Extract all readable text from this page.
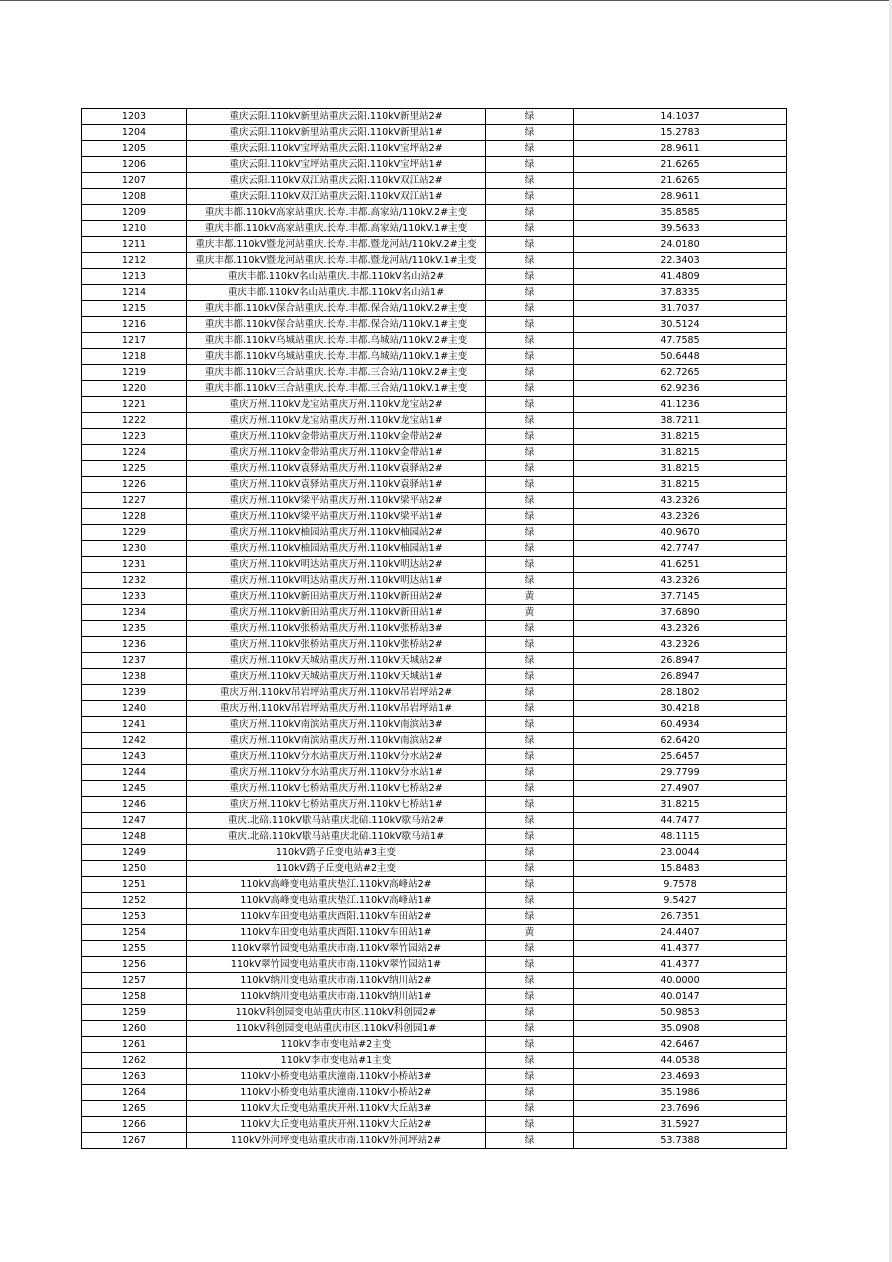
1203	重庆云阳.110kV新里站重庆云阳.110kV新里站2#	绿	14.1037
1204	重庆云阳.110kV新里站重庆云阳.110kV新里站1#	绿	15.2783
1205	重庆云阳.110kV宝坪站重庆云阳.110kV宝坪站2#	绿	28.9611
1206	重庆云阳.110kV宝坪站重庆云阳.110kV宝坪站1#	绿	21.6265
1207	重庆云阳.110kV双江站重庆云阳.110kV双江站2#	绿	21.6265
1208	重庆云阳.110kV双江站重庆云阳.110kV双江站1#	绿	28.9611
1209	重庆丰都.110kV高家站重庆.长寿.丰都.高家站/110kV.2#主变	绿	35.8585
1210	重庆丰都.110kV高家站重庆.长寿.丰都.高家站/110kV.1#主变	绿	39.5633
1211	重庆丰都.110kV暨龙河站重庆.长寿.丰都.暨龙河站/110kV.2#主变	绿	24.0180
1212	重庆丰都.110kV暨龙河站重庆.长寿.丰都.暨龙河站/110kV.1#主变	绿	22.3403
1213	重庆丰都.110kV名山站重庆.丰都.110kV名山站2#	绿	41.4809
1214	重庆丰都.110kV名山站重庆.丰都.110kV名山站1#	绿	37.8335
1215	重庆丰都.110kV保合站重庆.长寿.丰都.保合站/110kV.2#主变	绿	31.7037
1216	重庆丰都.110kV保合站重庆.长寿.丰都.保合站/110kV.1#主变	绿	30.5124
1217	重庆丰都.110kV乌城站重庆.长寿.丰都.乌城站/110kV.2#主变	绿	47.7585
1218	重庆丰都.110kV乌城站重庆.长寿.丰都.乌城站/110kV.1#主变	绿	50.6448
1219	重庆丰都.110kV三合站重庆.长寿.丰都.三合站/110kV.2#主变	绿	62.7265
1220	重庆丰都.110kV三合站重庆.长寿.丰都.三合站/110kV.1#主变	绿	62.9236
1221	重庆万州.110kV龙宝站重庆万州.110kV龙宝站2#	绿	41.1236
1222	重庆万州.110kV龙宝站重庆万州.110kV龙宝站1#	绿	38.7211
1223	重庆万州.110kV金带站重庆万州.110kV金带站2#	绿	31.8215
1224	重庆万州.110kV金带站重庆万州.110kV金带站1#	绿	31.8215
1225	重庆万州.110kV袁驿站重庆万州.110kV袁驿站2#	绿	31.8215
1226	重庆万州.110kV袁驿站重庆万州.110kV袁驿站1#	绿	31.8215
1227	重庆万州.110kV梁平站重庆万州.110kV梁平站2#	绿	43.2326
1228	重庆万州.110kV梁平站重庆万州.110kV梁平站1#	绿	43.2326
1229	重庆万州.110kV柚园站重庆万州.110kV柚园站2#	绿	40.9670
1230	重庆万州.110kV柚园站重庆万州.110kV柚园站1#	绿	42.7747
1231	重庆万州.110kV明达站重庆万州.110kV明达站2#	绿	41.6251
1232	重庆万州.110kV明达站重庆万州.110kV明达站1#	绿	43.2326
1233	重庆万州.110kV新田站重庆万州.110kV新田站2#	黄	37.7145
1234	重庆万州.110kV新田站重庆万州.110kV新田站1#	黄	37.6890
1235	重庆万州.110kV张桥站重庆万州.110kV张桥站3#	绿	43.2326
1236	重庆万州.110kV张桥站重庆万州.110kV张桥站2#	绿	43.2326
1237	重庆万州.110kV天城站重庆万州.110kV天城站2#	绿	26.8947
1238	重庆万州.110kV天城站重庆万州.110kV天城站1#	绿	26.8947
1239	重庆万州.110kV吊岩坪站重庆万州.110kV吊岩坪站2#	绿	28.1802
1240	重庆万州.110kV吊岩坪站重庆万州.110kV吊岩坪站1#	绿	30.4218
1241	重庆万州.110kV南滨站重庆万州.110kV南滨站3#	绿	60.4934
1242	重庆万州.110kV南滨站重庆万州.110kV南滨站2#	绿	62.6420
1243	重庆万州.110kV分水站重庆万州.110kV分水站2#	绿	25.6457
1244	重庆万州.110kV分水站重庆万州.110kV分水站1#	绿	29.7799
1245	重庆万州.110kV七桥站重庆万州.110kV七桥站2#	绿	27.4907
1246	重庆万州.110kV七桥站重庆万州.110kV七桥站1#	绿	31.8215
1247	重庆.北碚.110kV歇马站重庆北碚.110kV歇马站2#	绿	44.7477
1248	重庆.北碚.110kV歇马站重庆北碚.110kV歇马站1#	绿	48.1115
1249	110kV鹞子丘变电站#3主变	绿	23.0044
1250	110kV鹞子丘变电站#2主变	绿	15.8483
1251	110kV高峰变电站重庆垫江.110kV高峰站2#	绿	9.7578
1252	110kV高峰变电站重庆垫江.110kV高峰站1#	绿	9.5427
1253	110kV车田变电站重庆酉阳.110kV车田站2#	绿	26.7351
1254	110kV车田变电站重庆酉阳.110kV车田站1#	黄	24.4407
1255	110kV翠竹园变电站重庆市南.110kV翠竹园站2#	绿	41.4377
1256	110kV翠竹园变电站重庆市南.110kV翠竹园站1#	绿	41.4377
1257	110kV纳川变电站重庆市南.110kV纳川站2#	绿	40.0000
1258	110kV纳川变电站重庆市南.110kV纳川站1#	绿	40.0147
1259	110kV科创园变电站重庆市区.110kV科创园2#	绿	50.9853
1260	110kV科创园变电站重庆市区.110kV科创园1#	绿	35.0908
1261	110kV李市变电站#2主变	绿	42.6467
1262	110kV李市变电站#1主变	绿	44.0538
1263	110kV小桥变电站重庆潼南.110kV小桥站3#	绿	23.4693
1264	110kV小桥变电站重庆潼南.110kV小桥站2#	绿	35.1986
1265	110kV大丘变电站重庆开州.110kV大丘站3#	绿	23.7696
1266	110kV大丘变电站重庆开州.110kV大丘站2#	绿	31.5927
1267	110kV外河坪变电站重庆市南.110kV外河坪站2#	绿	53.7388
